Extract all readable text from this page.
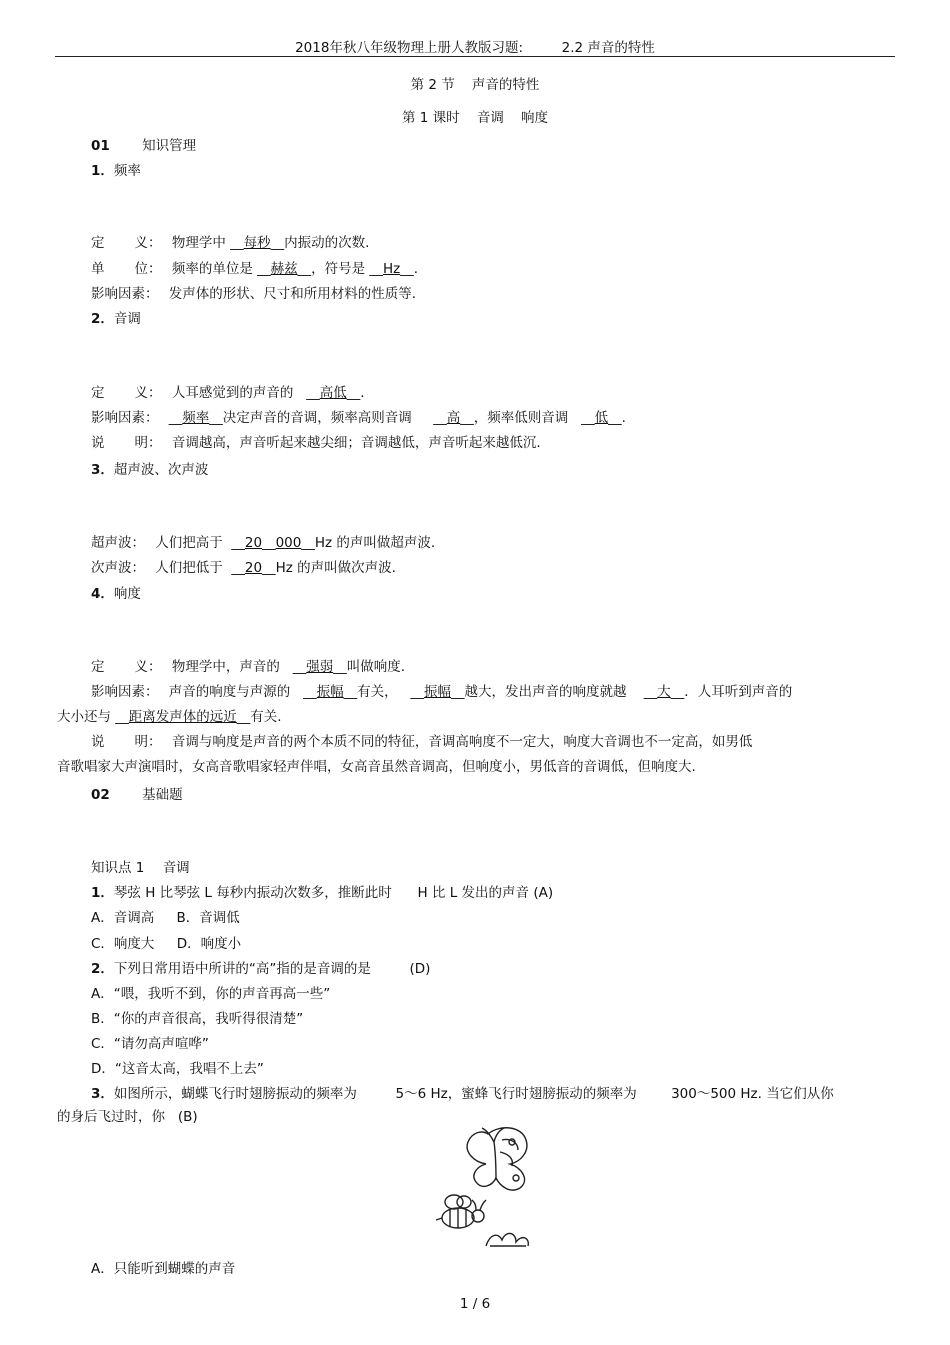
2018年秋八年级物理上册人教版习题:         2.2 声音的特性
第 2 节    声音的特性
第 1 课时    音调    响度
01 知识管理
1．频率
定       义： 物理学中 __每秒__内振动的次数.
单       位： 频率的单位是 __赫兹__，符号是 __Hz__.
影响因素： 发声体的形状、尺寸和所用材料的性质等.
2．音调
定       义： 人耳感觉到的声音的   __高低__.
影响因素： __频率__决定声音的音调，频率高则音调     __高__，频率低则音调   __低__.
说       明： 音调越高，声音听起来越尖细；音调越低，声音听起来越低沉.
3．超声波、次声波
超声波： 人们把高于  __20__000__Hz 的声叫做超声波.
次声波： 人们把低于  __20__Hz 的声叫做次声波.
4．响度
定       义： 物理学中，声音的   __强弱__叫做响度.
影响因素： 声音的响度与声源的   __振幅__有关，   __振幅__越大，发出声音的响度就越    __大__．人耳听到声音的
大小还与 __距离发声体的远近__有关.
说       明： 音调与响度是声音的两个本质不同的特征，音调高响度不一定大，响度大音调也不一定高，如男低
音歌唱家大声演唱时，女高音歌唱家轻声伴唱，女高音虽然音调高，但响度小，男低音的音调低，但响度大.
02 基础题
知识点 1 音调
1．琴弦 H 比琴弦 L 每秒内振动次数多，推断此时      H 比 L 发出的声音 (A)
A．音调高 B．音调低
C．响度大 D．响度小
2．下列日常用语中所讲的“高”指的是音调的是         (D)
A．“喂，我听不到，你的声音再高一些”
B．“你的声音很高，我听得很清楚”
C．“请勿高声喧哗”
D．“这音太高，我唱不上去”
3．如图所示，蝴蝶飞行时翅膀振动的频率为         5～6 Hz，蜜蜂飞行时翅膀振动的频率为        300～500 Hz. 当它们从你
的身后飞过时，你   (B)
A．只能听到蝴蝶的声音
1 / 6
